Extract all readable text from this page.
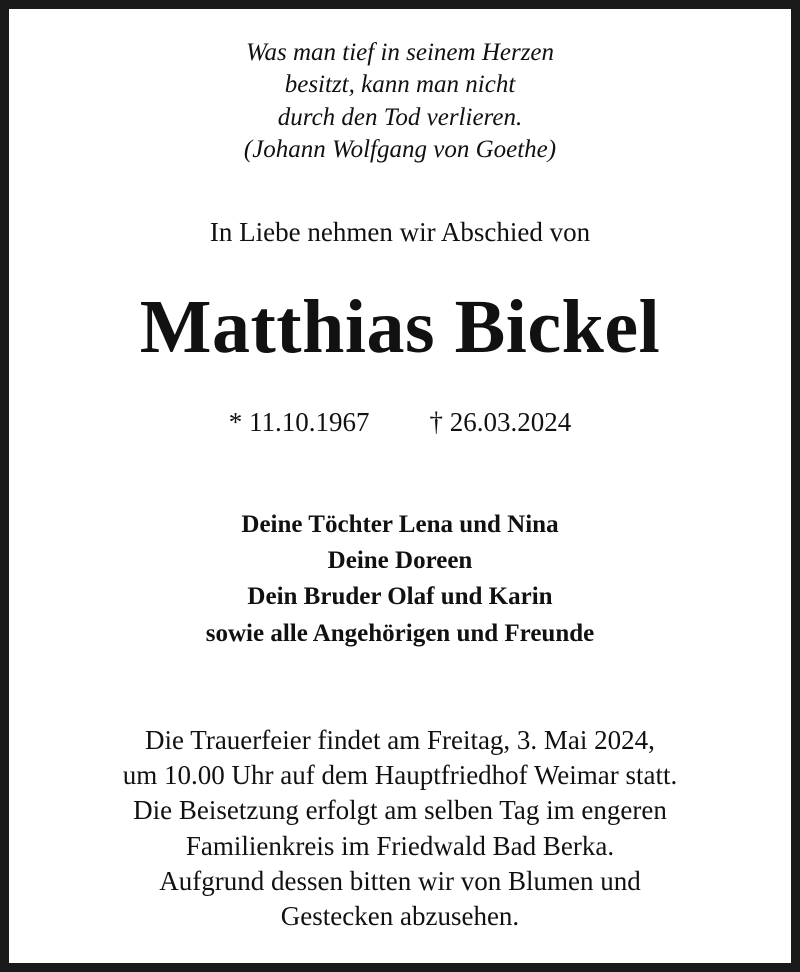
Was man tief in seinem Herzen
besitzt, kann man nicht
durch den Tod verlieren.
(Johann Wolfgang von Goethe)
In Liebe nehmen wir Abschied von
Matthias Bickel
* 11.10.1967 † 26.03.2024
Deine Töchter Lena und Nina
Deine Doreen
Dein Bruder Olaf und Karin
sowie alle Angehörigen und Freunde
Die Trauerfeier findet am Freitag, 3. Mai 2024,
um 10.00 Uhr auf dem Hauptfriedhof Weimar statt.
Die Beisetzung erfolgt am selben Tag im engeren
Familienkreis im Friedwald Bad Berka.
Aufgrund dessen bitten wir von Blumen und
Gestecken abzusehen.
